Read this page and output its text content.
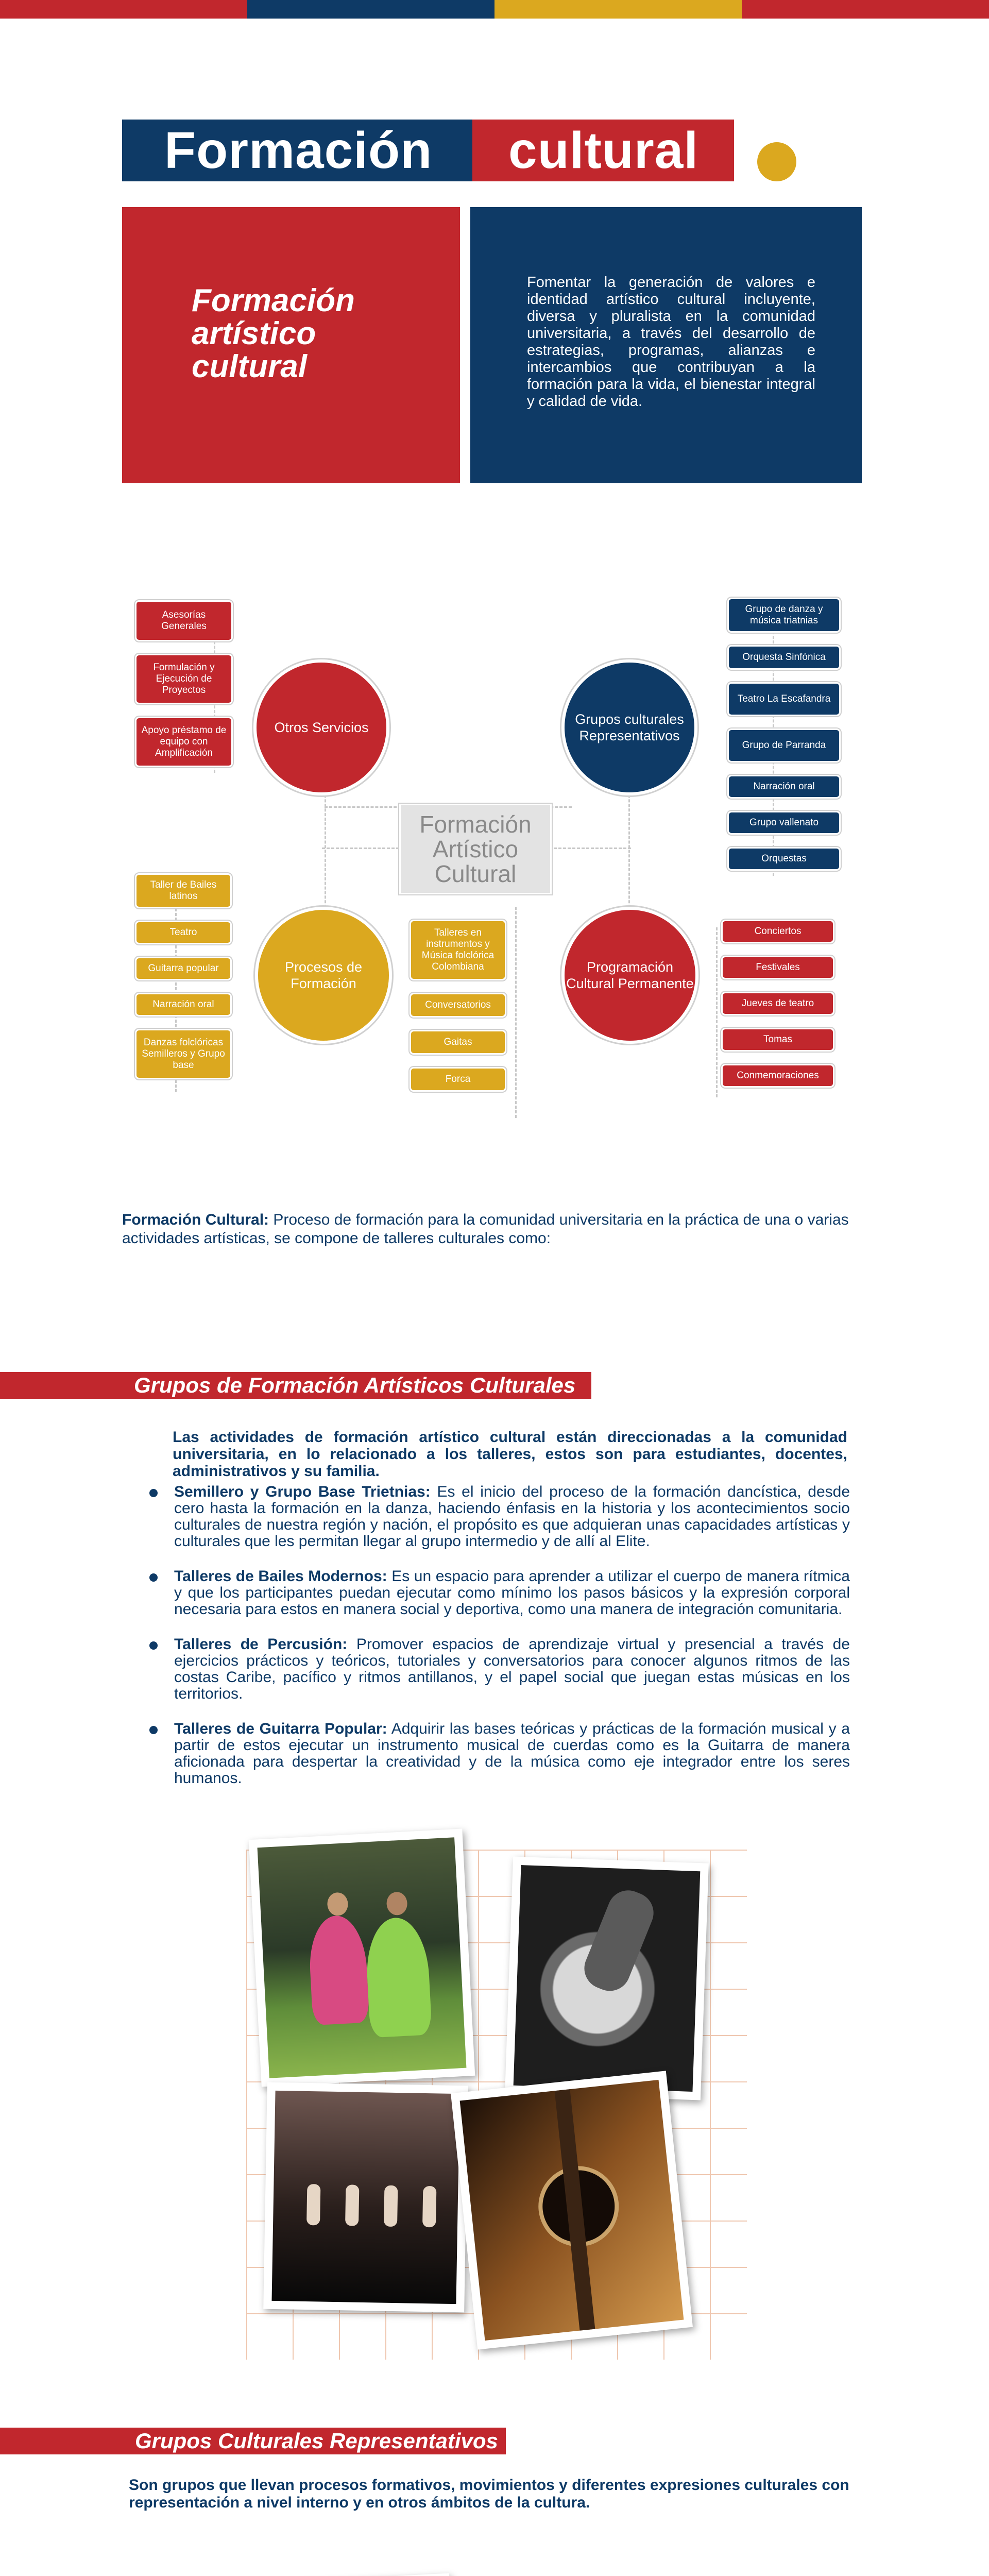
Formación cultural
Formación artístico cultural
Fomentar la generación de valores e identidad artístico cultural incluyente, diversa y pluralista en la comunidad universitaria, a través del desarrollo de estrategias, programas, alianzas e intercambios que contribuyan a la formación para la vida, el bienestar integral y calidad de vida.
Otros Servicios
Grupos culturales Representativos
Procesos de Formación
Programación Cultural Permanente
Formación Artístico Cultural
Asesorías Generales
Formulación y Ejecución de Proyectos
Apoyo préstamo de equipo con Amplificación
Grupo de danza y música triatnias
Orquesta Sinfónica
Teatro La Escafandra
Grupo de Parranda
Narración oral
Grupo vallenato
Orquestas
Taller de Bailes latinos
Teatro
Guitarra popular
Narración oral
Danzas folclóricas Semilleros y Grupo base
Talleres en instrumentos y Música folclórica Colombiana
Conversatorios
Gaitas
Forca
Conciertos
Festivales
Jueves de teatro
Tomas
Conmemoraciones
Formación Cultural: Proceso de formación para la comunidad universitaria en la práctica de una o varias actividades artísticas, se compone de talleres culturales como:
Grupos de Formación Artísticos Culturales
Las actividades de formación artístico cultural están direccionadas a la comunidad universitaria, en lo relacionado a los talleres, estos son para estudiantes, docentes, administrativos y su familia.
Semillero y Grupo Base Trietnias: Es el inicio del proceso de la formación dancística, desde cero hasta la formación en la danza, haciendo énfasis en la historia y los acontecimientos socio culturales de nuestra región y nación, el propósito es que adquieran unas capacidades artísticas y culturales que les permitan llegar al grupo intermedio y de allí al Elite.
Talleres de Bailes Modernos: Es un espacio para aprender a utilizar el cuerpo de manera rítmica y que los participantes puedan ejecutar como mínimo los pasos básicos y la expresión corporal necesaria para estos en manera social y deportiva, como una manera de integración comunitaria.
Talleres de Percusión: Promover espacios de aprendizaje virtual y presencial a través de ejercicios prácticos y teóricos, tutoriales y conversatorios para conocer algunos ritmos de las costas Caribe, pacífico y ritmos antillanos, y el papel social que juegan estas músicas en los territorios.
Talleres de Guitarra Popular: Adquirir las bases teóricas y prácticas de la formación musical y a partir de estos ejecutar un instrumento musical de cuerdas como es la Guitarra de manera aficionada para despertar la creatividad y de la música como eje integrador entre los seres humanos.
Grupos Culturales Representativos
Son grupos que llevan procesos formativos, movimientos y diferentes expresiones culturales con representación a nivel interno y en otros ámbitos de la cultura.
